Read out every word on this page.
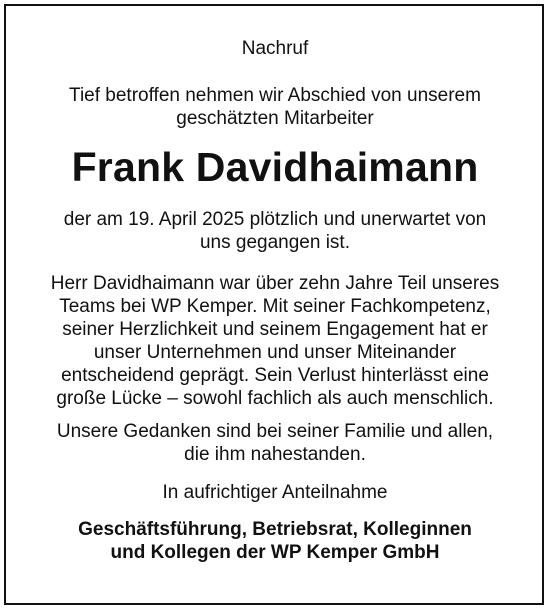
Nachruf
Tief betroffen nehmen wir Abschied von unserem
geschätzten Mitarbeiter
Frank Davidhaimann
der am 19. April 2025 plötzlich und unerwartet von
uns gegangen ist.
Herr Davidhaimann war über zehn Jahre Teil unseres
Teams bei WP Kemper. Mit seiner Fachkompetenz,
seiner Herzlichkeit und seinem Engagement hat er
unser Unternehmen und unser Miteinander
entscheidend geprägt. Sein Verlust hinterlässt eine
große Lücke – sowohl fachlich als auch menschlich.
Unsere Gedanken sind bei seiner Familie und allen,
die ihm nahestanden.
In aufrichtiger Anteilnahme
Geschäftsführung, Betriebsrat, Kolleginnen
und Kollegen der WP Kemper GmbH
